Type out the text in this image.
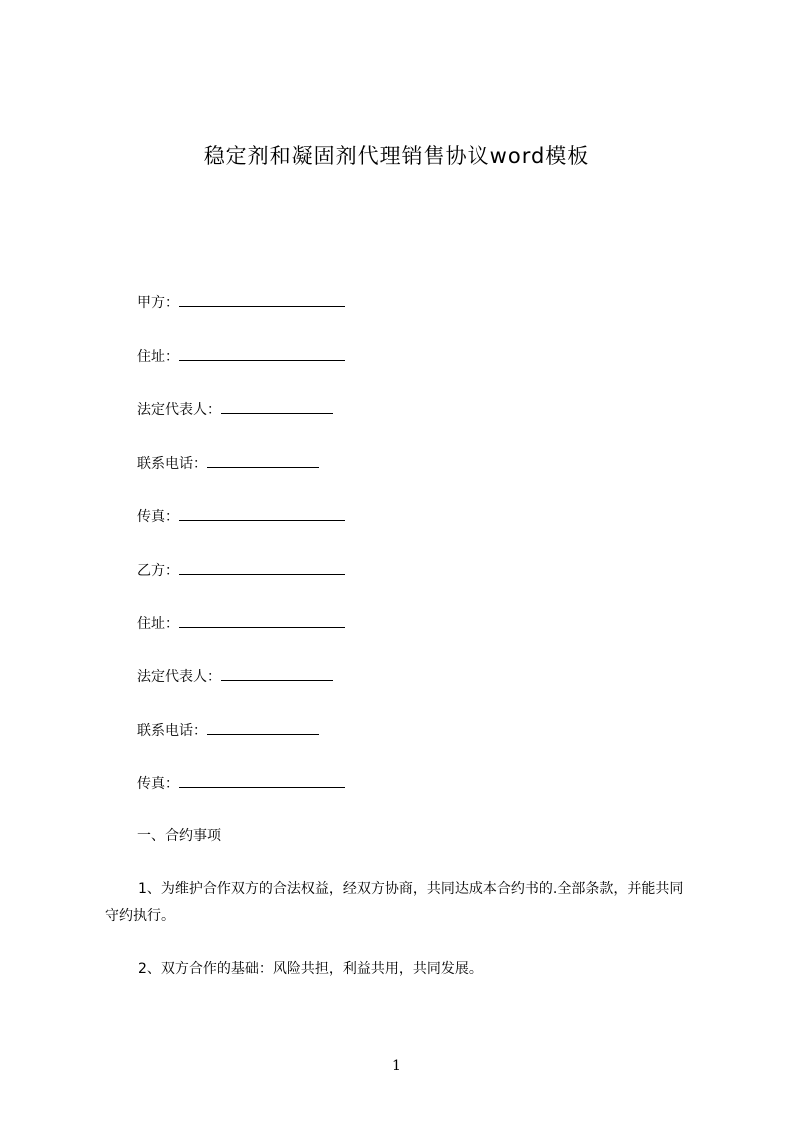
稳定剂和凝固剂代理销售协议word模板
甲方：
住址：
法定代表人：
联系电话：
传真：
乙方：
住址：
法定代表人：
联系电话：
传真：
一、合约事项
1、为维护合作双方的合法权益，经双方协商，共同达成本合约书的.全部条款，并能共同守约执行。
2、双方合作的基础：风险共担，利益共用，共同发展。
1
